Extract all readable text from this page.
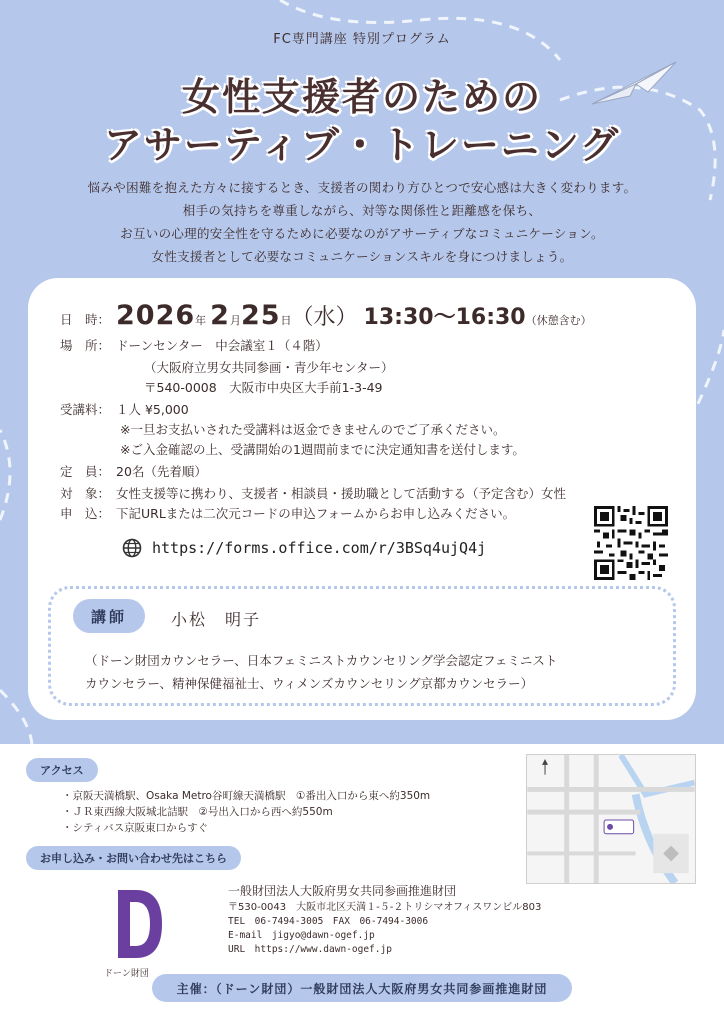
FC専門講座 特別プログラム
女性支援者のための
アサーティブ・トレーニング
悩みや困難を抱えた方々に接するとき、支援者の関わり方ひとつで安心感は大きく変わります。
相手の気持ちを尊重しながら、対等な関係性と距離感を保ち、
お互いの心理的安全性を守るために必要なのがアサーティブなコミュニケーション。
女性支援者として必要なコミュニケーションスキルを身につけましょう。
日　時： 2026 年 2 月 25 日 （水） 13:30〜16:30 （休憩含む）
場　所： ドーンセンター　中会議室１（４階）
（大阪府立男女共同参画・青少年センター）
〒540-0008　大阪市中央区大手前1-3-49
受講料： １人 ¥5,000
※一旦お支払いされた受講料は返金できませんのでご了承ください。
※ご入金確認の上、受講開始の1週間前までに決定通知書を送付します。
定　員： 20名（先着順）
対　象： 女性支援等に携わり、支援者・相談員・援助職として活動する（予定含む）女性
申　込： 下記URLまたは二次元コードの申込フォームからお申し込みください。
https://forms.office.com/r/3BSq4ujQ4j
講師	小松　明子
（ドーン財団カウンセラー、日本フェミニストカウンセリング学会認定フェミニスト
カウンセラー、精神保健福祉士、ウィメンズカウンセリング京都カウンセラー）
アクセス
・京阪天満橋駅、Osaka Metro谷町線天満橋駅　①番出入口から東へ約350m
・ＪＲ東西線大阪城北詰駅　②号出入口から西へ約550m
・シティバス京阪東口からすぐ
お申し込み・お問い合わせ先はこちら
ドーン財団
一般財団法人大阪府男女共同参画推進財団
〒530-0043　大阪市北区天満１-５-２トリシマオフィスワンビル803
TEL　06-7494-3005　FAX　06-7494-3006
E-mail　jigyo@dawn-ogef.jp
URL　https://www.dawn-ogef.jp
主催：（ドーン財団）一般財団法人大阪府男女共同参画推進財団
